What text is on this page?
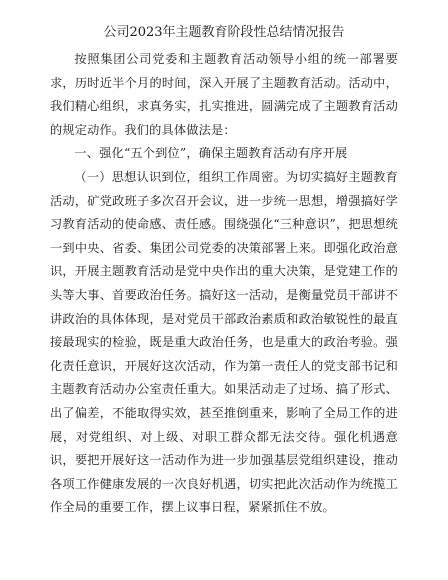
公司2023年主题教育阶段性总结情况报告

按照集团公司党委和主题教育活动领导小组的统一部署要求，历时近半个月的时间，深入开展了主题教育活动。活动中，我们精心组织，求真务实，扎实推进，圆满完成了主题教育活动的规定动作。我们的具体做法是：

一、强化“五个到位”，确保主题教育活动有序开展

（一）思想认识到位，组织工作周密。为切实搞好主题教育活动，矿党政班子多次召开会议，进一步统一思想，增强搞好学习教育活动的使命感、责任感。围绕强化“三种意识”，把思想统一到中央、省委、集团公司党委的决策部署上来。即强化政治意识，开展主题教育活动是党中央作出的重大决策，是党建工作的头等大事、首要政治任务。搞好这一活动，是衡量党员干部讲不讲政治的具体体现，是对党员干部政治素质和政治敏锐性的最直接最现实的检验，既是重大政治任务，也是重大的政治考验。强化责任意识，开展好这次活动，作为第一责任人的党支部书记和主题教育活动办公室责任重大。如果活动走了过场、搞了形式、出了偏差，不能取得实效，甚至推倒重来，影响了全局工作的进展，对党组织、对上级、对职工群众都无法交待。强化机遇意识，要把开展好这一活动作为进一步加强基层党组织建设，推动各项工作健康发展的一次良好机遇，切实把此次活动作为统揽工作全局的重要工作，摆上议事日程，紧紧抓住不放。
